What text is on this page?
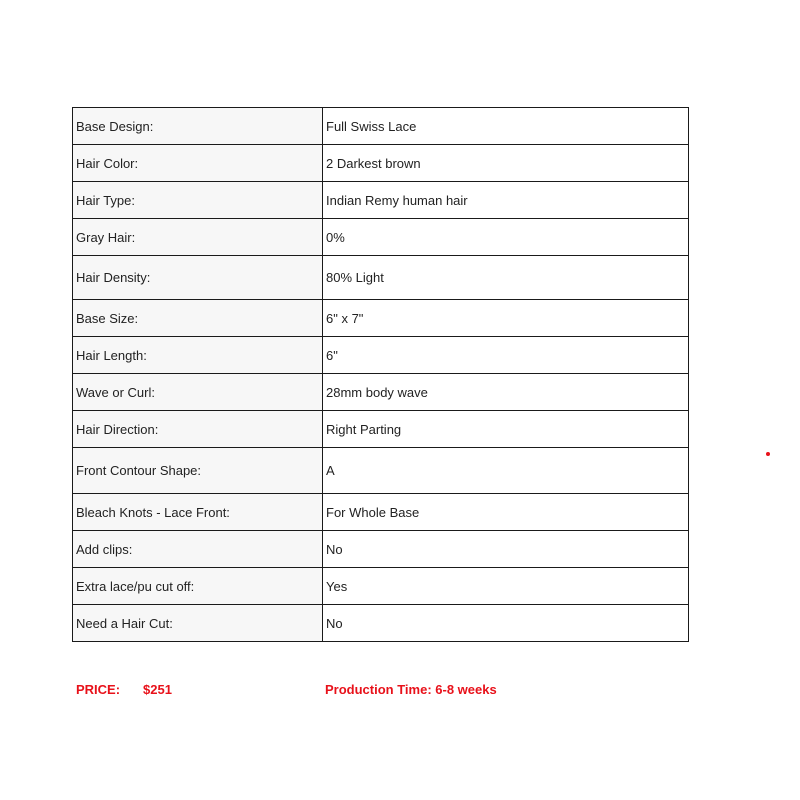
Base Design:	Full Swiss Lace
Hair Color:	2 Darkest brown
Hair Type:	Indian Remy human hair
Gray Hair:	0%
Hair Density:	80% Light
Base Size:	6" x 7"
Hair Length:	6"
Wave or Curl:	28mm body wave
Hair Direction:	Right Parting
Front Contour Shape:	A
Bleach Knots - Lace Front:	For Whole Base
Add clips:	No
Extra lace/pu cut off:	Yes
Need a Hair Cut:	No
PRICE: $251	Production Time: 6-8 weeks
